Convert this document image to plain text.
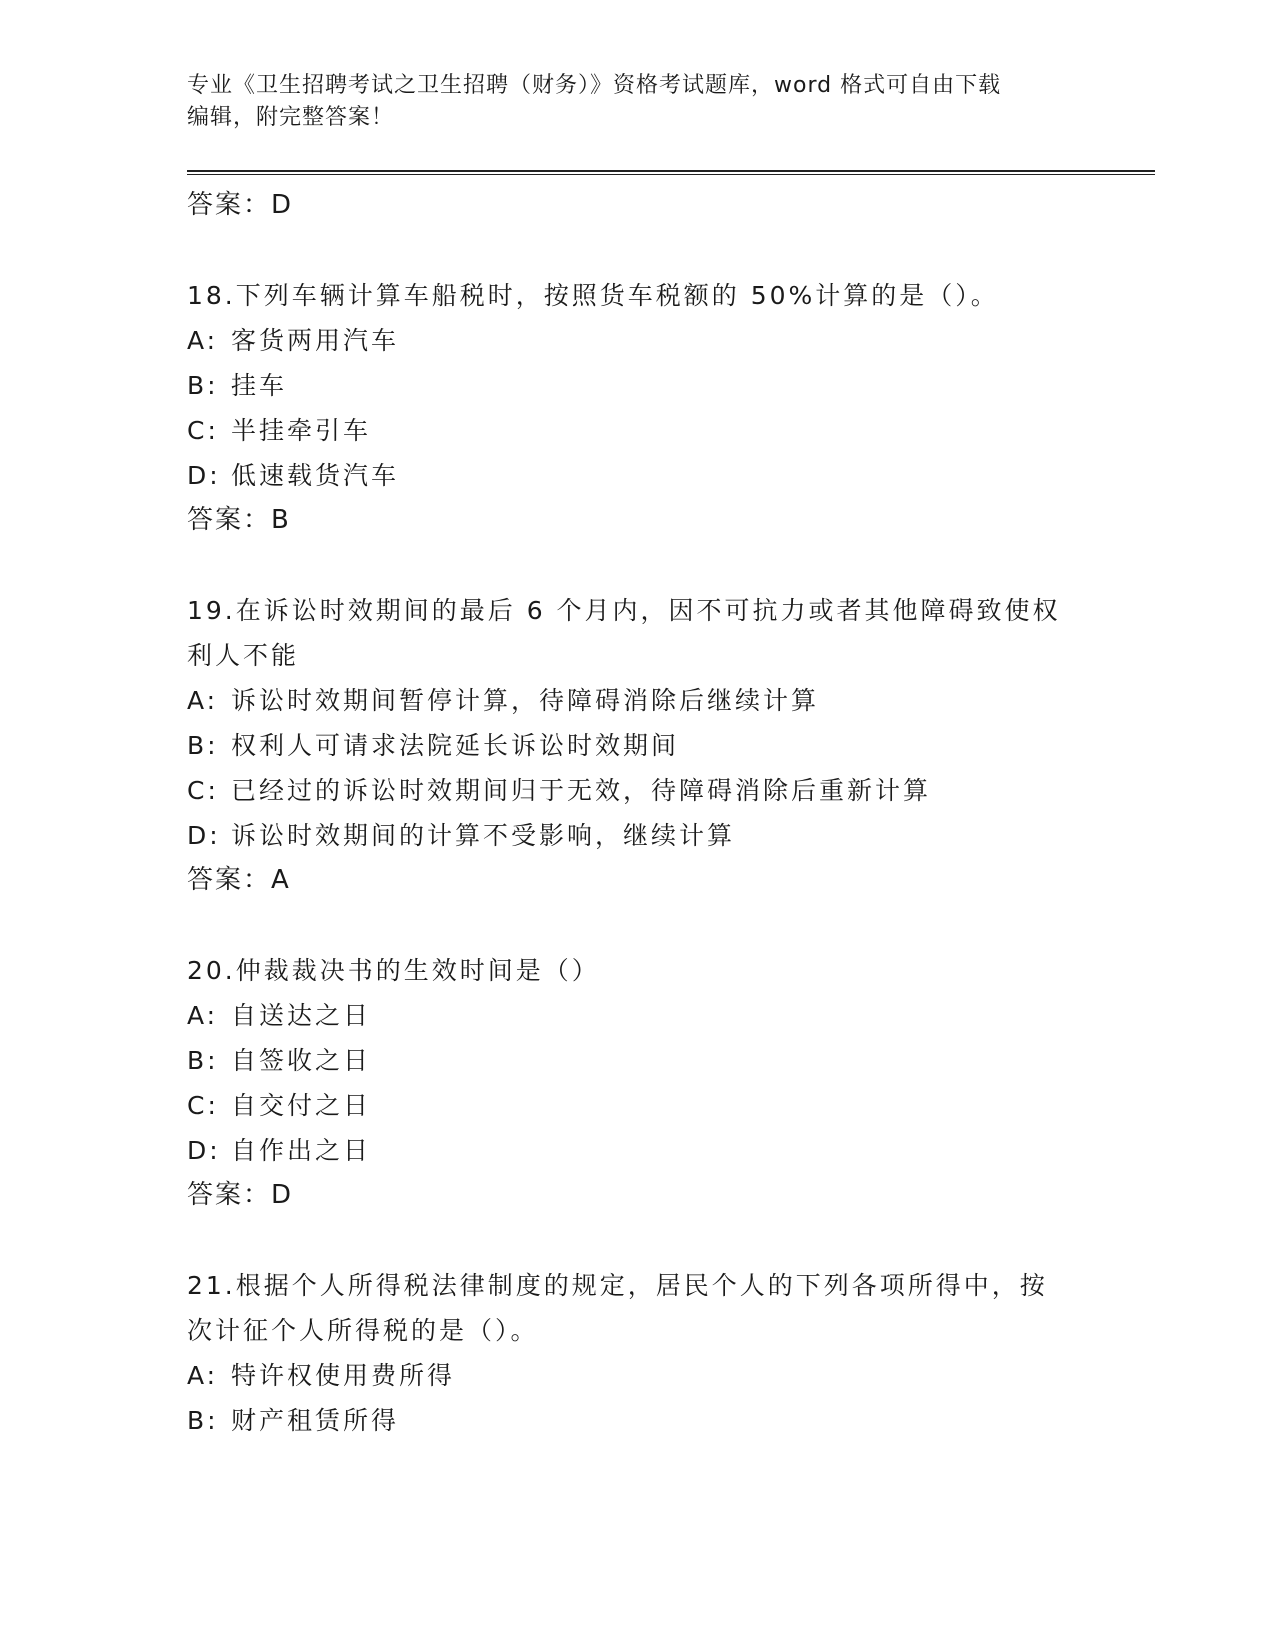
专业《卫生招聘考试之卫生招聘（财务）》资格考试题库，word 格式可自由下载

编辑，附完整答案！

答案：D

18.下列车辆计算车船税时，按照货车税额的 50%计算的是（）。

A: 客货两用汽车

B: 挂车

C: 半挂牵引车

D: 低速载货汽车

答案：B

19.在诉讼时效期间的最后 6 个月内，因不可抗力或者其他障碍致使权利人不能

A: 诉讼时效期间暂停计算，待障碍消除后继续计算

B: 权利人可请求法院延长诉讼时效期间

C: 已经过的诉讼时效期间归于无效，待障碍消除后重新计算

D: 诉讼时效期间的计算不受影响，继续计算

答案：A

20.仲裁裁决书的生效时间是（）

A: 自送达之日

B: 自签收之日

C: 自交付之日

D: 自作出之日

答案：D

21.根据个人所得税法律制度的规定，居民个人的下列各项所得中，按次计征个人所得税的是（）。

A: 特许权使用费所得

B: 财产租赁所得
